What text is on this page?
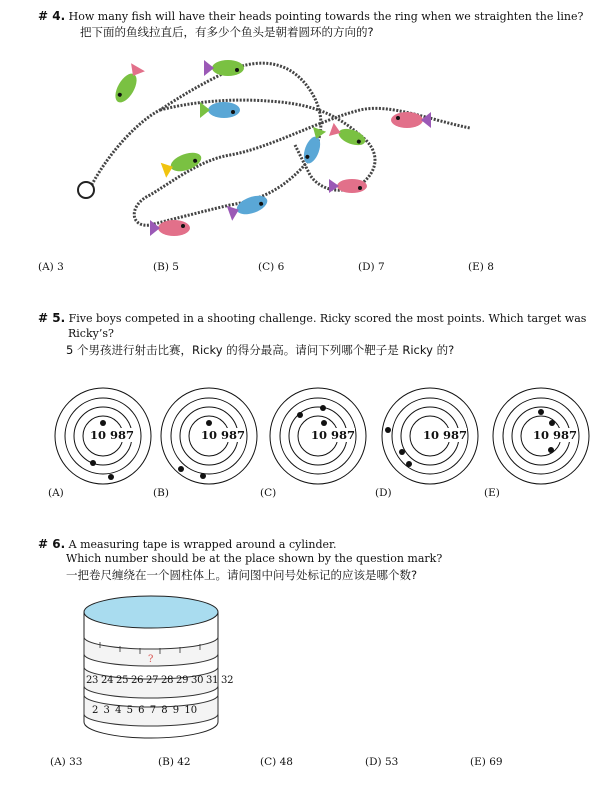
# 4. How many fish will have their heads pointing towards the ring when we straighten the line?
把下面的鱼线拉直后，有多少个鱼头是朝着圆环的方向的?
(A) 3	(B) 5	(C) 6	(D) 7	(E) 8
# 5. Five boys competed in a shooting challenge. Ricky scored the most points. Which target was
Ricky’s?
5 个男孩进行射击比赛，Ricky 的得分最高。请问下列哪个靶子是 Ricky 的?
10 987	10 987	10 987	10 987	10 987
(A)	(B)	(C)	(D)	(E)
# 6. A measuring tape is wrapped around a cylinder.
Which number should be at the place shown by the question mark?
一把卷尺缠绕在一个圆柱体上。请问图中问号处标记的应该是哪个数?
?
23 24 25 26 27 28 29 30 31 32
2 3 4 5 6 7 8 9 10
(A) 33	(B) 42	(C) 48	(D) 53	(E) 69
